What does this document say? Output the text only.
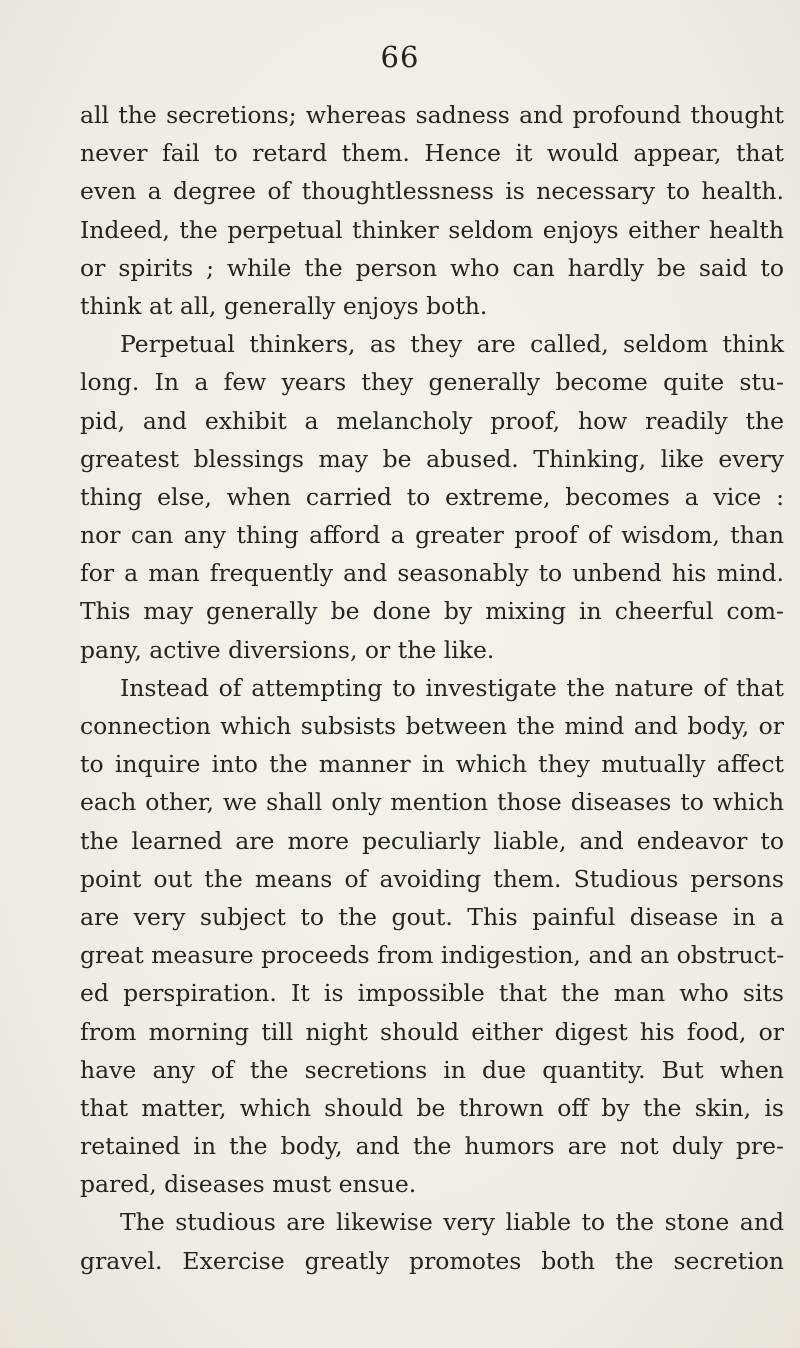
66
all the secretions; whereas sadness and profound thought
never fail to retard them. Hence it would appear, that
even a degree of thoughtlessness is necessary to health.
Indeed, the perpetual thinker seldom enjoys either health
or spirits ; while the person who can hardly be said to
think at all, generally enjoys both.
Perpetual thinkers, as they are called, seldom think
long. In a few years they generally become quite stu-
pid, and exhibit a melancholy proof, how readily the
greatest blessings may be abused. Thinking, like every
thing else, when carried to extreme, becomes a vice :
nor can any thing afford a greater proof of wisdom, than
for a man frequently and seasonably to unbend his mind.
This may generally be done by mixing in cheerful com-
pany, active diversions, or the like.
Instead of attempting to investigate the nature of that
connection which subsists between the mind and body, or
to inquire into the manner in which they mutually affect
each other, we shall only mention those diseases to which
the learned are more peculiarly liable, and endeavor to
point out the means of avoiding them. Studious persons
are very subject to the gout. This painful disease in a
great measure proceeds from indigestion, and an obstruct-
ed perspiration. It is impossible that the man who sits
from morning till night should either digest his food, or
have any of the secretions in due quantity. But when
that matter, which should be thrown off by the skin, is
retained in the body, and the humors are not duly pre-
pared, diseases must ensue.
The studious are likewise very liable to the stone and
gravel. Exercise greatly promotes both the secretion
